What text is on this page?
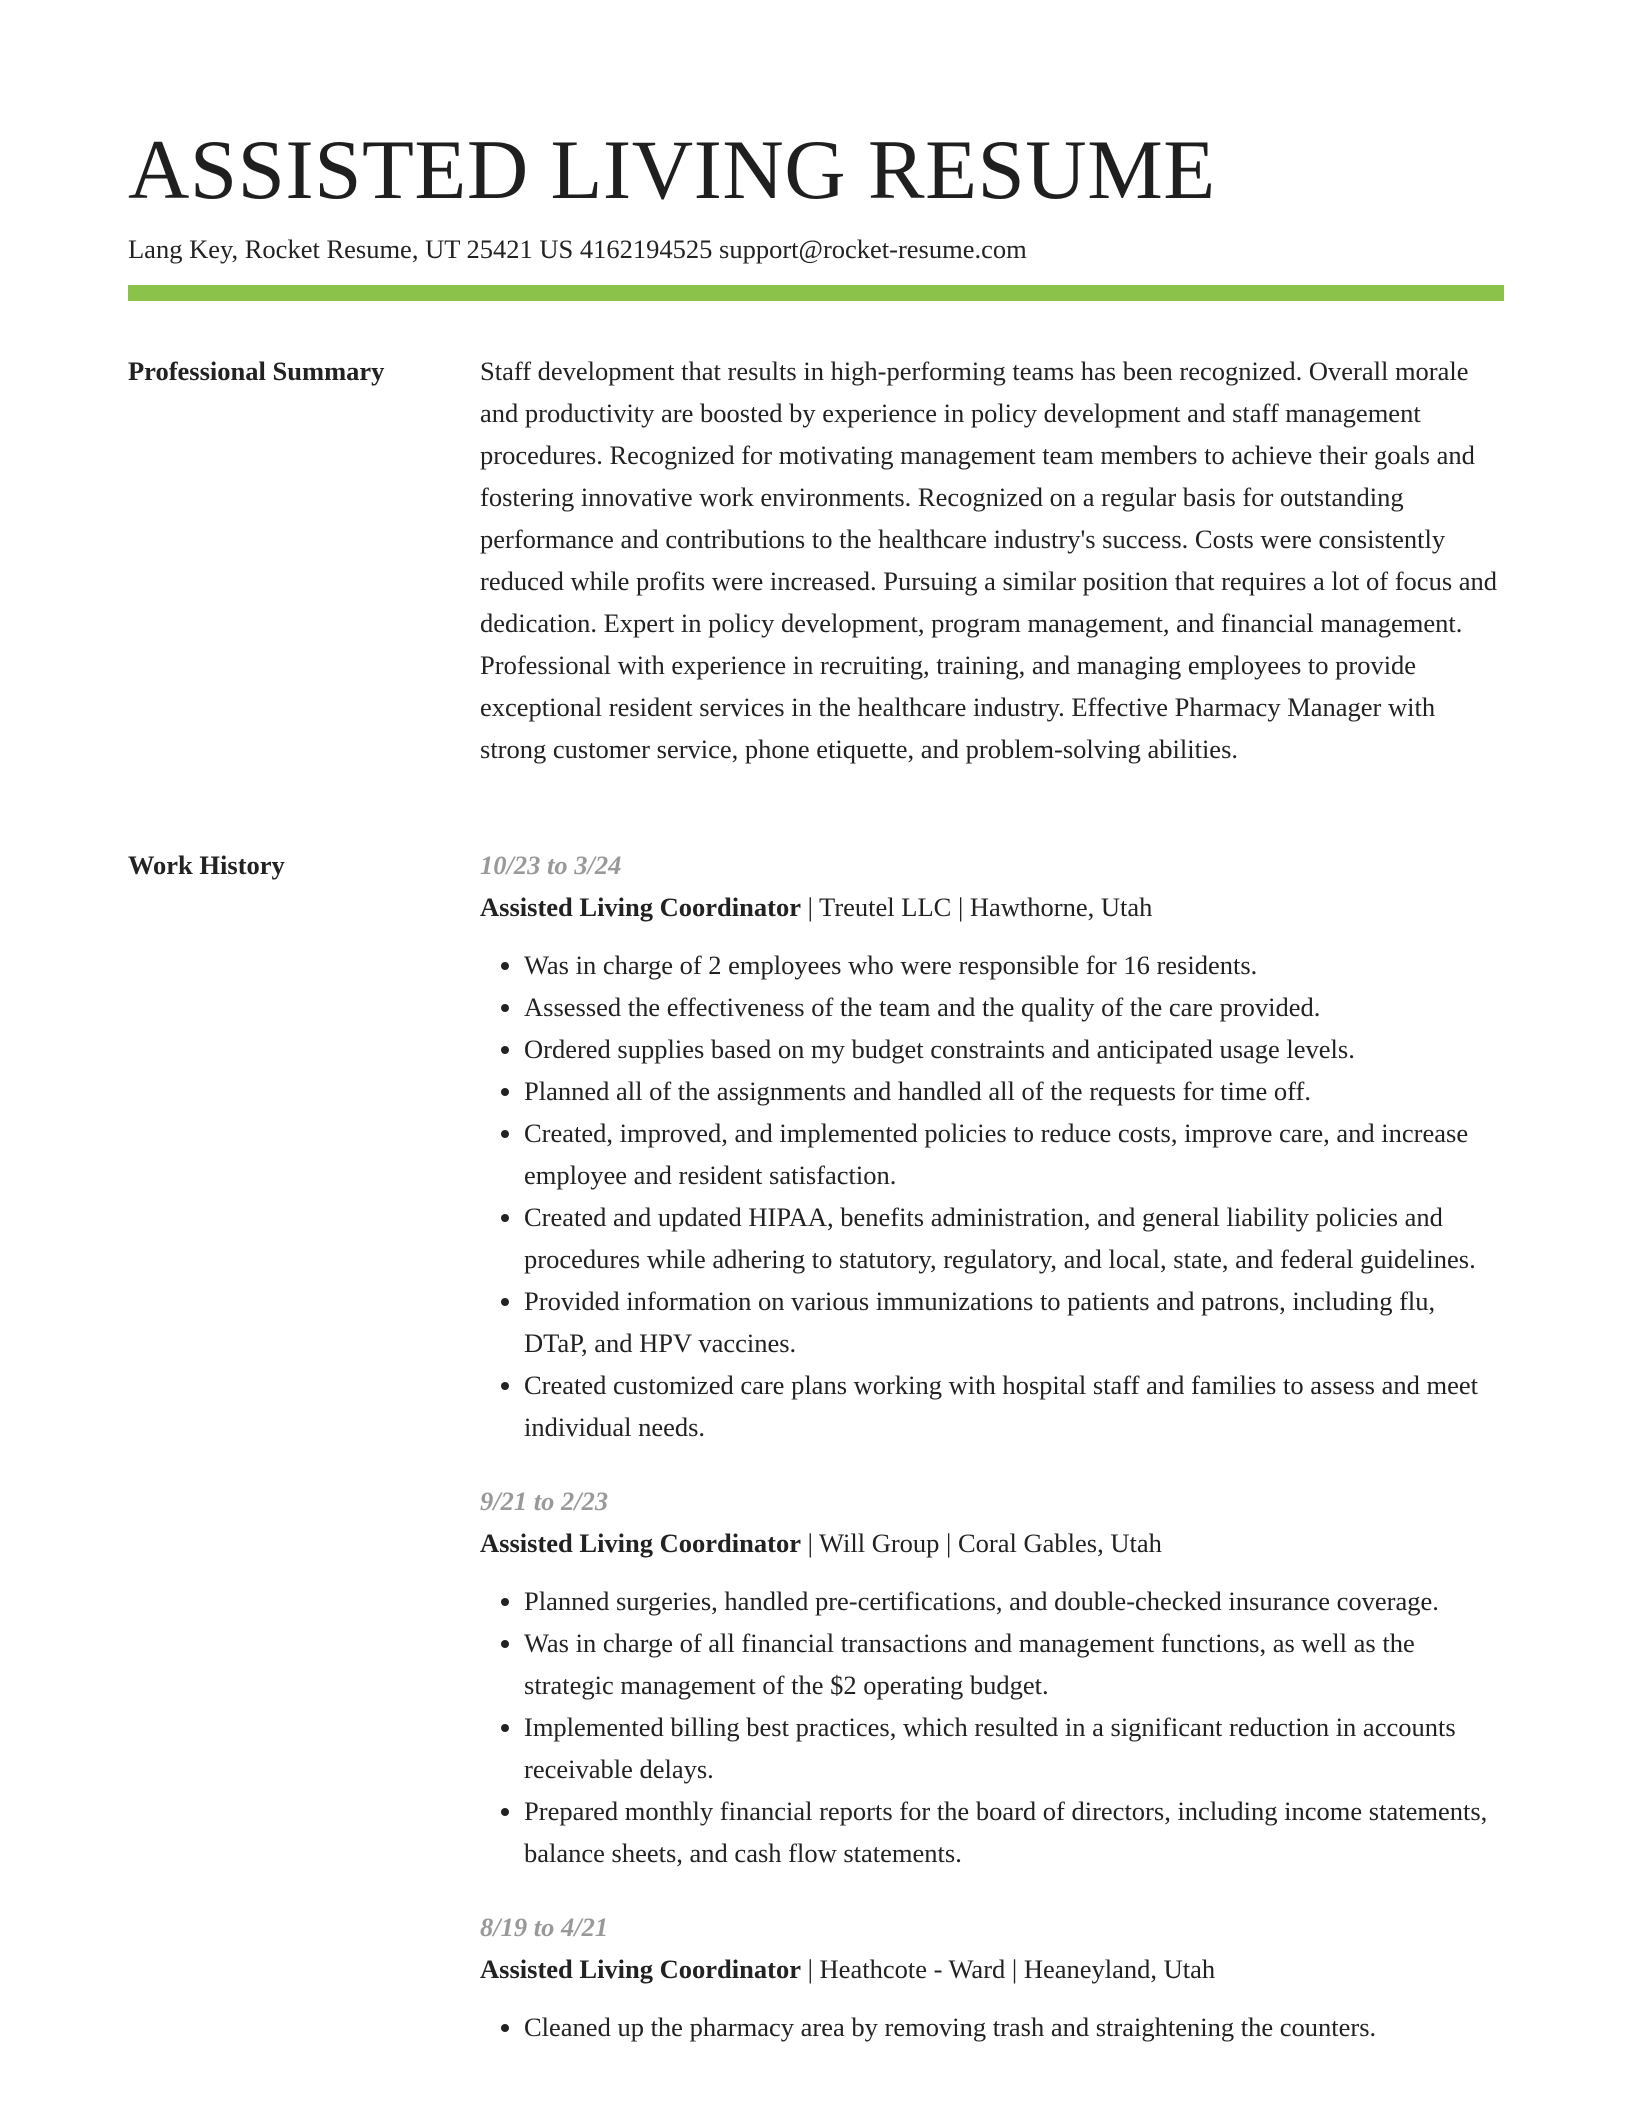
ASSISTED LIVING RESUME
Lang Key, Rocket Resume, UT 25421 US 4162194525 support@rocket-resume.com
Professional Summary	Staff development that results in high-performing teams has been recognized. Overall morale and productivity are boosted by experience in policy development and staff management procedures. Recognized for motivating management team members to achieve their goals and fostering innovative work environments. Recognized on a regular basis for outstanding performance and contributions to the healthcare industry's success. Costs were consistently reduced while profits were increased. Pursuing a similar position that requires a lot of focus and dedication. Expert in policy development, program management, and financial management. Professional with experience in recruiting, training, and managing employees to provide exceptional resident services in the healthcare industry. Effective Pharmacy Manager with strong customer service, phone etiquette, and problem-solving abilities.

Work History	10/23 to 3/24
Assisted Living Coordinator | Treutel LLC | Hawthorne, Utah
• Was in charge of 2 employees who were responsible for 16 residents.
• Assessed the effectiveness of the team and the quality of the care provided.
• Ordered supplies based on my budget constraints and anticipated usage levels.
• Planned all of the assignments and handled all of the requests for time off.
• Created, improved, and implemented policies to reduce costs, improve care, and increase employee and resident satisfaction.
• Created and updated HIPAA, benefits administration, and general liability policies and procedures while adhering to statutory, regulatory, and local, state, and federal guidelines.
• Provided information on various immunizations to patients and patrons, including flu, DTaP, and HPV vaccines.
• Created customized care plans working with hospital staff and families to assess and meet individual needs.
9/21 to 2/23
Assisted Living Coordinator | Will Group | Coral Gables, Utah
• Planned surgeries, handled pre-certifications, and double-checked insurance coverage.
• Was in charge of all financial transactions and management functions, as well as the strategic management of the $2 operating budget.
• Implemented billing best practices, which resulted in a significant reduction in accounts receivable delays.
• Prepared monthly financial reports for the board of directors, including income statements, balance sheets, and cash flow statements.
8/19 to 4/21
Assisted Living Coordinator | Heathcote - Ward | Heaneyland, Utah
• Cleaned up the pharmacy area by removing trash and straightening the counters.
